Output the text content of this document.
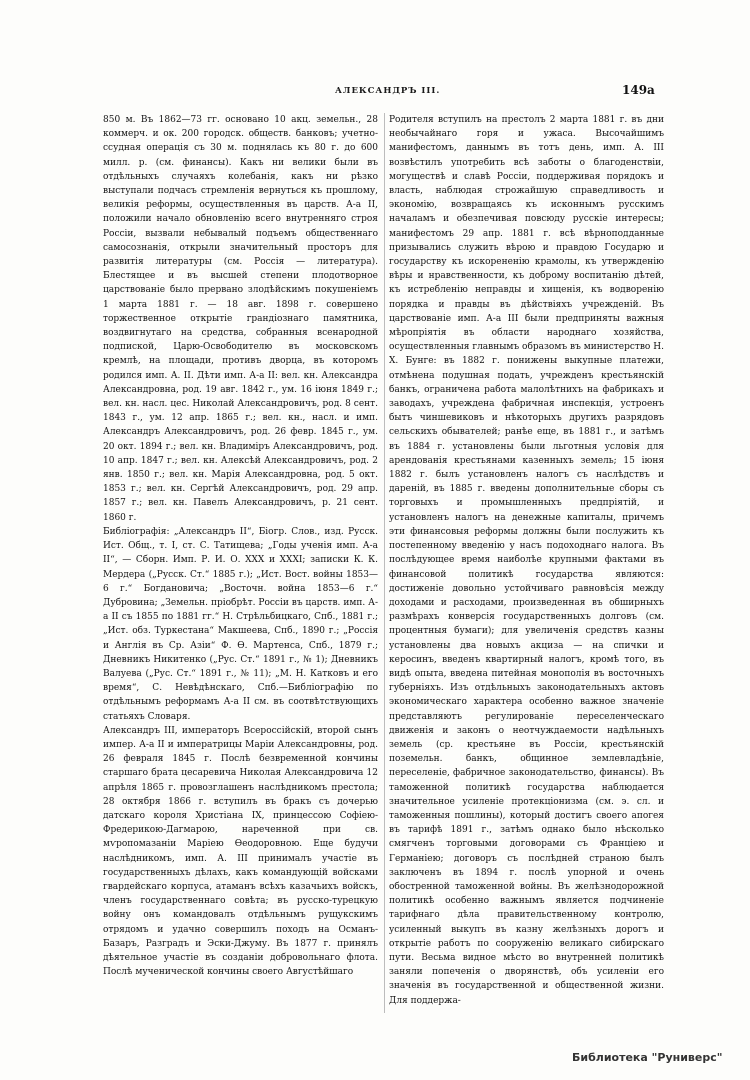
АЛЕКСАНДРЪ III.	149а

850 м. Въ 1862—73 гг. основано 10 акц. земельн., 28 коммерч. и ок. 200 городск. обществ. банковъ; учетно-ссудная операція съ 30 м. поднялась къ 80 г. до 600 милл. р. (см. финансы). Какъ ни велики были въ отдѣльныхъ случаяхъ колебанія, какъ ни рѣзко выступали подчасъ стремленія вернуться къ прошлому, великія реформы, осуществленныя въ царств. А-а II, положили начало обновленію всего внутренняго строя Россіи, вызвали небывалый подъемъ общественнаго самосознанія, открыли значительный просторъ для развитія литературы (см. Россія — литература). Блестящее и въ высшей степени плодотворное царствованіе было прервано злодѣйскимъ покушеніемъ 1 марта 1881 г. — 18 авг. 1898 г. совершено торжественное открытіе грандіознаго памятника, воздвигнутаго на средства, собранныя всенародной подпиской, Царю-Освободителю въ московскомъ кремлѣ, на площади, противъ дворца, въ которомъ родился имп. А. II. Дѣти имп. А-а II: вел. кн. Александра Александровна, род. 19 авг. 1842 г., ум. 16 іюня 1849 г.; вел. кн. насл. цес. Николай Александровичъ, род. 8 сент. 1843 г., ум. 12 апр. 1865 г.; вел. кн., насл. и имп. Александръ Александровичъ, род. 26 февр. 1845 г., ум. 20 окт. 1894 г.; вел. кн. Владиміръ Александровичъ, род. 10 апр. 1847 г.; вел. кн. Алексѣй Александровичъ, род. 2 янв. 1850 г.; вел. кн. Марія Александровна, род. 5 окт. 1853 г.; вел. кн. Сергѣй Александровичъ, род. 29 апр. 1857 г.; вел. кн. Павелъ Александровичъ, р. 21 сент. 1860 г.

Библіографія: „Александръ II“, Біогр. Слов., изд. Русск. Ист. Общ., т. I, ст. С. Татищева; „Годы ученія имп. А-а II“, — Сборн. Имп. Р. И. О. XXX и XXXI; записки К. К. Мердера („Русск. Ст.“ 1885 г.); „Ист. Вост. войны 1853—6 г.“ Богдановича; „Восточн. война 1853—6 г.“ Дубровина; „Земельн. пріобрѣт. Россіи въ царств. имп. А-а II съ 1855 по 1881 гг.“ Н. Стрѣльбицкаго, Спб., 1881 г.; „Ист. обз. Туркестана“ Макшеева, Спб., 1890 г.; „Россія и Англія въ Ср. Азіи“ Ф. Ѳ. Мартенса, Спб., 1879 г.; Дневникъ Никитенко („Рус. Ст.“ 1891 г., № 1); Дневникъ Валуева („Рус. Ст.“ 1891 г., № 11); „М. Н. Катковъ и его время“, С. Невѣдѣнскаго, Спб.—Библіографію по отдѣльнымъ реформамъ А-а II см. въ соотвѣтствующихъ статьяхъ Словаря.

Александръ III, императоръ Всероссійскій, второй сынъ импер. А-а II и императрицы Маріи Александровны, род. 26 февраля 1845 г. Послѣ безвременной кончины старшаго брата цесаревича Николая Александровича 12 апрѣля 1865 г. провозглашенъ наслѣдникомъ престола; 28 октября 1866 г. вступилъ въ бракъ съ дочерью датскаго короля Христіана IX, принцессою Софіею-Фредерикою-Дагмарою, нареченной при св. мѵропомазаніи Маріею Ѳеодоровною. Еще будучи наслѣдникомъ, имп. А. III принималъ участіе въ государственныхъ дѣлахъ, какъ командующій войсками гвардейскаго корпуса, атаманъ всѣхъ казачьихъ войскъ, членъ государственнаго совѣта; въ русско-турецкую войну онъ командовалъ отдѣльнымъ рущукскимъ отрядомъ и удачно совершилъ походъ на Османъ-Базаръ, Разградъ и Эски-Джуму. Въ 1877 г. принялъ дѣятельное участіе въ созданіи добровольнаго флота. Послѣ мученической кончины своего Августѣйшаго

Родителя вступилъ на престолъ 2 марта 1881 г. въ дни необычайнаго горя и ужаса. Высочайшимъ манифестомъ, даннымъ въ тотъ день, имп. А. III возвѣстилъ употребить всѣ заботы о благоденствіи, могуществѣ и славѣ Россіи, поддерживая порядокъ и власть, наблюдая строжайшую справедливость и экономію, возвращаясь къ исконнымъ русскимъ началамъ и обезпечивая повсюду русскіе интересы; манифестомъ 29 апр. 1881 г. всѣ вѣрноподданные призывались служить вѣрою и правдою Государю и государству къ искорененію крамолы, къ утвержденію вѣры и нравственности, къ доброму воспитанію дѣтей, къ истребленію неправды и хищенія, къ водворенію порядка и правды въ дѣйствіяхъ учрежденій. Въ царствованіе имп. А-а III были предприняты важныя мѣропріятія въ области народнаго хозяйства, осуществленныя главнымъ образомъ въ министерство Н. Х. Бунге: въ 1882 г. понижены выкупные платежи, отмѣнена подушная подать, учрежденъ крестьянскій банкъ, ограничена работа малолѣтнихъ на фабрикахъ и заводахъ, учреждена фабричная инспекція, устроенъ бытъ чиншевиковъ и нѣкоторыхъ другихъ разрядовъ сельскихъ обывателей; ранѣе еще, въ 1881 г., и затѣмъ въ 1884 г. установлены были льготныя условія для арендованія крестьянами казенныхъ земель; 15 іюня 1882 г. былъ установленъ налогъ съ наслѣдствъ и дареній, въ 1885 г. введены дополнительные сборы съ торговыхъ и промышленныхъ предпріятій, и установленъ налогъ на денежные капиталы, причемъ эти финансовыя реформы должны были послужить къ постепенному введенію у насъ подоходнаго налога. Въ послѣдующее время наиболѣе крупными фактами въ финансовой политикѣ государства являются: достиженіе довольно устойчиваго равновѣсія между доходами и расходами, произведенная въ обширныхъ размѣрахъ конверсія государственныхъ долговъ (см. процентныя бумаги); для увеличенія средствъ казны установлены два новыхъ акциза — на спички и керосинъ, введенъ квартирный налогъ, кромѣ того, въ видѣ опыта, введена питейная монополія въ восточныхъ губерніяхъ. Изъ отдѣльныхъ законодательныхъ актовъ экономическаго характера особенно важное значеніе представляютъ регулированіе переселенческаго движенія и законъ о неотчуждаемости надѣльныхъ земель (ср. крестьяне въ Россіи, крестьянскій поземельн. банкъ, общинное землевладѣніе, переселеніе, фабричное законодательство, финансы). Въ таможенной политикѣ государства наблюдается значительное усиленіе протекціонизма (см. э. сл. и таможенныя пошлины), который достигъ своего апогея въ тарифѣ 1891 г., затѣмъ однако было нѣсколько смягченъ торговыми договорами съ Франціею и Германіею; договоръ съ послѣдней страною былъ заключенъ въ 1894 г. послѣ упорной и очень обостренной таможенной войны. Въ желѣзнодорожной политикѣ особенно важнымъ является подчиненіе тарифнаго дѣла правительственному контролю, усиленный выкупъ въ казну желѣзныхъ дорогъ и открытіе работъ по сооруженію великаго сибирскаго пути. Весьма видное мѣсто во внутренней политикѣ заняли попеченія о дворянствѣ, объ усиленіи его значенія въ государственной и общественной жизни. Для поддержа-

Библиотека "Руниверс"
